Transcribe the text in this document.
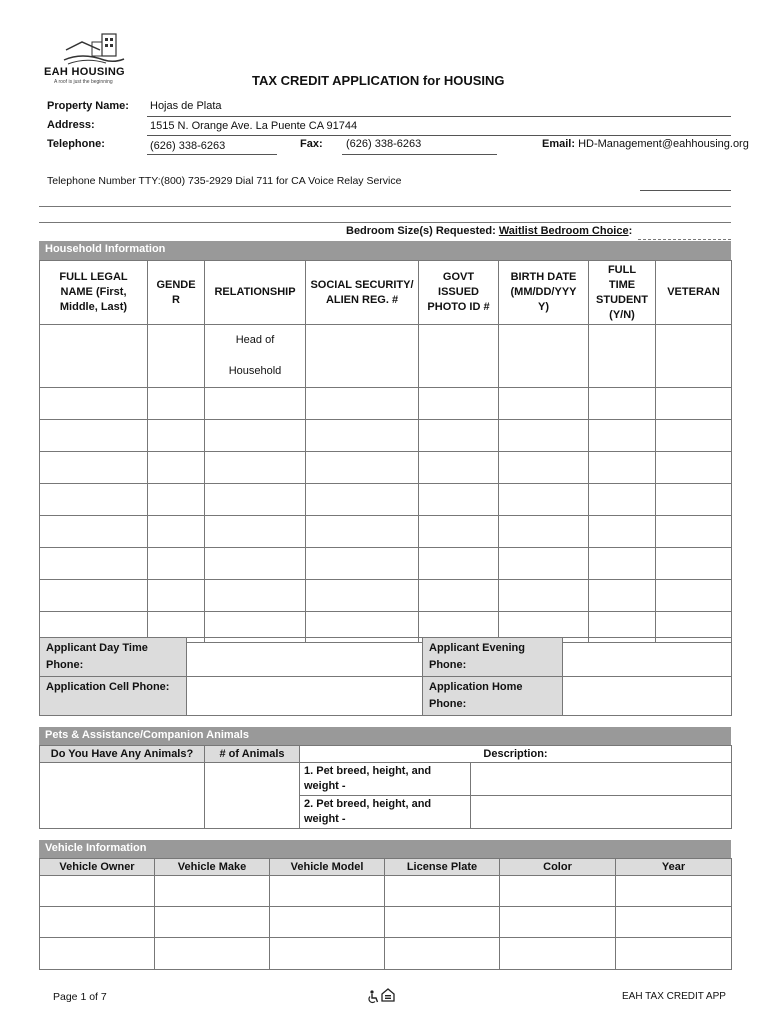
EAH HOUSING
A roof is just the beginning	TAX CREDIT APPLICATION for HOUSING
Property Name: Hojas de Plata
Address:	1515 N. Orange Ave. La Puente CA 91744
Telephone:	(626) 338-6263	Fax: (626) 338-6263	Email: HD-Management@eahhousing.org
Telephone Number TTY:(800) 735-2929 Dial 711 for CA Voice Relay Service
Bedroom Size(s) Requested: Waitlist Bedroom Choice:
Household Information
FULL LEGAL NAME (First, Middle, Last)	GENDE R	RELATIONSHIP	SOCIAL SECURITY/ ALIEN REG. #	GOVT ISSUED PHOTO ID #	BIRTH DATE (MM/DD/YYY Y)	FULL TIME STUDENT (Y/N)	VETERAN
		Head of
Household					

Applicant Day Time Phone:		Applicant Evening Phone:	
Application Cell Phone:		Application Home Phone:	
Pets & Assistance/Companion Animals
Do You Have Any Animals?	# of Animals	Description:	
		1. Pet breed, height, and weight -	
		2. Pet breed, height, and weight -	
Vehicle Information
Vehicle Owner	Vehicle Make	Vehicle Model	License Plate	Color	Year

Page 1 of 7	EAH TAX CREDIT APP
